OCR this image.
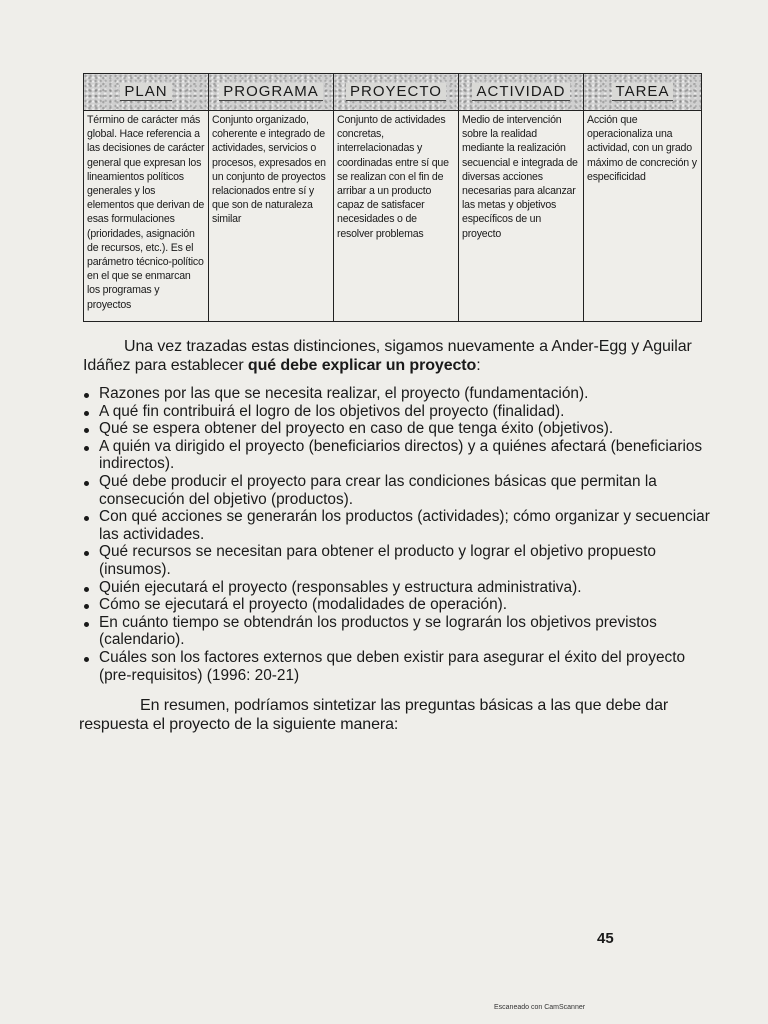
PLAN	PROGRAMA	PROYECTO	ACTIVIDAD	TAREA

Término de carácter más global. Hace referencia a las decisiones de carácter general que expresan los lineamientos políticos generales y los elementos que derivan de esas formulaciones (prioridades, asignación de recursos, etc.). Es el parámetro técnico-político en el que se enmarcan los programas y proyectos	Conjunto organizado, coherente e integrado de actividades, servicios o procesos, expresados en un conjunto de proyectos relacionados entre sí y que son de naturaleza similar	Conjunto de actividades concretas, interrelacionadas y coordinadas entre sí que se realizan con el fin de arribar a un producto capaz de satisfacer necesidades o de resolver problemas	Medio de intervención sobre la realidad mediante la realización secuencial e integrada de diversas acciones necesarias para alcanzar las metas y objetivos específicos de un proyecto	Acción que operacionaliza una actividad, con un grado máximo de concreción y especificidad

Una vez trazadas estas distinciones, sigamos nuevamente a Ander-Egg y Aguilar Idáñez para establecer qué debe explicar un proyecto:

Razones por las que se necesita realizar, el proyecto (fundamentación).
A qué fin contribuirá el logro de los objetivos del proyecto (finalidad).
Qué se espera obtener del proyecto en caso de que tenga éxito (objetivos).
A quién va dirigido el proyecto (beneficiarios directos) y a quiénes afectará (beneficiarios indirectos).
Qué debe producir el proyecto para crear las condiciones básicas que permitan la consecución del objetivo (productos).
Con qué acciones se generarán los productos (actividades); cómo organizar y secuenciar las actividades.
Qué recursos se necesitan para obtener el producto y lograr el objetivo propuesto (insumos).
Quién ejecutará el proyecto (responsables y estructura administrativa).
Cómo se ejecutará el proyecto (modalidades de operación).
En cuánto tiempo se obtendrán los productos y se lograrán los objetivos previstos (calendario).
Cuáles son los factores externos que deben existir para asegurar el éxito del proyecto (pre-requisitos) (1996: 20-21)

En resumen, podríamos sintetizar las preguntas básicas a las que debe dar respuesta el proyecto de la siguiente manera:

45
Escaneado con CamScanner
